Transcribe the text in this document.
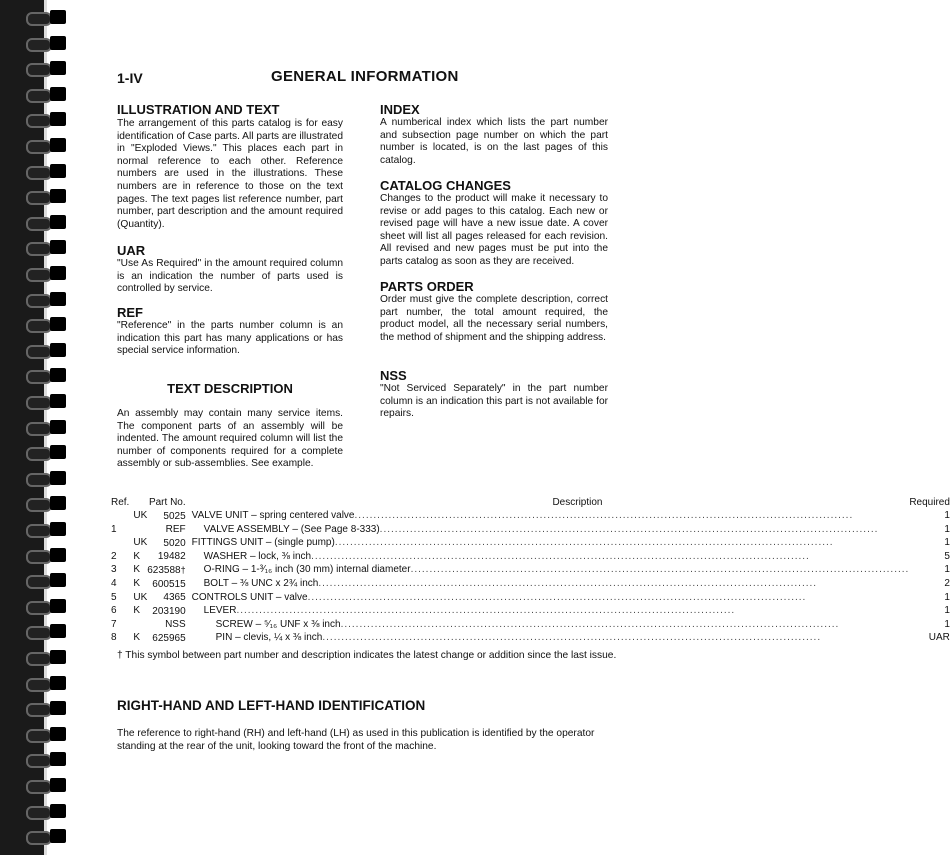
1-IV	GENERAL INFORMATION
ILLUSTRATION AND TEXT
The arrangement of this parts catalog is for easy identification of Case parts. All parts are illustrated in "Exploded Views." This places each part in normal reference to each other. Reference numbers are used in the illustrations. These numbers are in reference to those on the text pages. The text pages list reference number, part number, part description and the amount required (Quantity).
UAR
"Use As Required" in the amount required column is an indication the number of parts used is controlled by service.
REF
"Reference" in the parts number column is an indication this part has many applications or has special service information.
TEXT DESCRIPTION
An assembly may contain many service items. The component parts of an assembly will be indented. The amount required column will list the number of components required for a complete assembly or sub-assemblies. See example.
INDEX
A numberical index which lists the part number and subsection page number on which the part number is located, is on the last pages of this catalog.
CATALOG CHANGES
Changes to the product will make it necessary to revise or add pages to this catalog. Each new or revised page will have a new issue date. A cover sheet will list all pages released for each revision. All revised and new pages must be put into the parts catalog as soon as they are received.
PARTS ORDER
Order must give the complete description, correct part number, the total amount required, the product model, all the necessary serial numbers, the method of shipment and the shipping address.
NSS
"Not Serviced Separately" in the part number column is an indication this part is not available for repairs.
Ref.	Part No.		Description	Required
	UK	5025	VALVE UNIT – spring centered valve ....................................................................................................................................	1
1		REF	VALVE ASSEMBLY – (See Page 8-333) ....................................................................................................................................	1
	UK	5020	FITTINGS UNIT – (single pump) ....................................................................................................................................	1
2	K	19482	WASHER – lock, ⅜ inch ....................................................................................................................................	5
3	K	623588†	O-RING – 1-³⁄₁₆ inch (30 mm) internal diameter ....................................................................................................................................	1
4	K	600515	BOLT – ⅜ UNC x 2¾ inch ....................................................................................................................................	2
5	UK	4365	CONTROLS UNIT – valve ....................................................................................................................................	1
6	K	203190	LEVER ....................................................................................................................................	1
7		NSS	SCREW – ⁵⁄₁₆ UNF x ⅜ inch ....................................................................................................................................	1
8	K	625965	PIN – clevis, ¼ x ⅜ inch ....................................................................................................................................	UAR
† This symbol between part number and description indicates the latest change or addition since the last issue.
RIGHT-HAND AND LEFT-HAND IDENTIFICATION
The reference to right-hand (RH) and left-hand (LH) as used in this publication is identified by the operator standing at the rear of the unit, looking toward the front of the machine.
